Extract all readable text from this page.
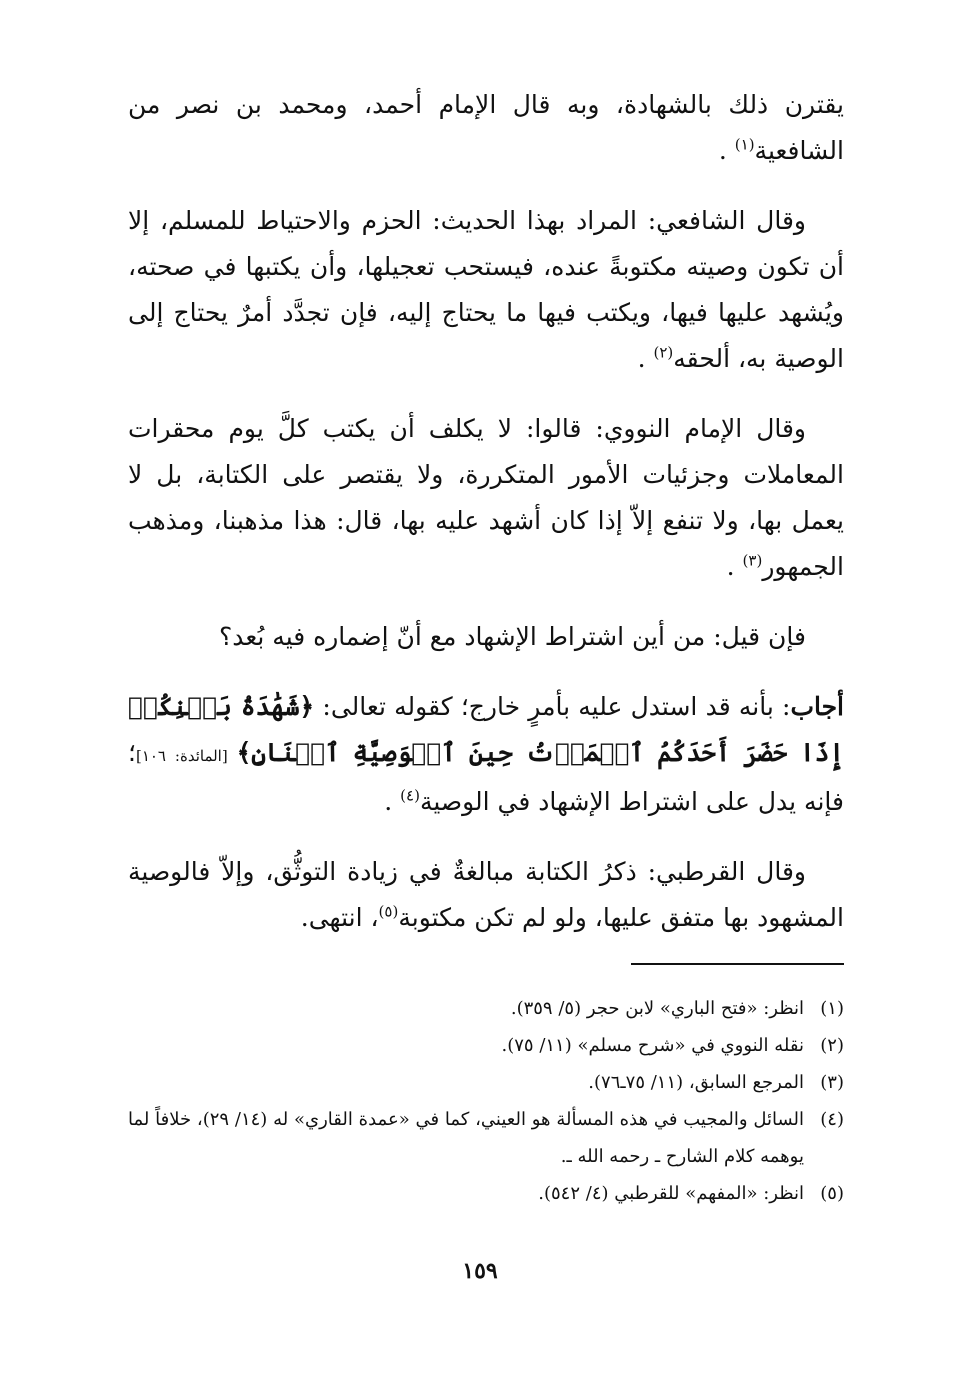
يقترن ذلك بالشهادة، وبه قال الإمام أحمد، ومحمد بن نصر من الشافعية$^{(١)}$ .

وقال الشافعي: المراد بهذا الحديث: الحزم والاحتياط للمسلم، إلا أن تكون وصيته مكتوبةً عنده، فيستحب تعجيلها، وأن يكتبها في صحته، ويُشهد عليها فيها، ويكتب فيها ما يحتاج إليه، فإن تجدَّد أمرٌ يحتاج إلى الوصية به، ألحقه$^{(٢)}$ .

وقال الإمام النووي: قالوا: لا يكلف أن يكتب كلَّ يوم محقرات المعاملات وجزئيات الأمور المتكررة، ولا يقتصر على الكتابة، بل لا يعمل بها، ولا تنفع إلاّ إذا كان أشهد عليه بها، قال: هذا مذهبنا، ومذهب الجمهور$^{(٣)}$ .

فإن قيل: من أين اشتراط الإشهاد مع أنّ إضماره فيه بُعد؟

أجاب: بأنه قد استدل عليه بأمرٍ خارج؛ كقوله تعالى: ﴿شَهَٰدَةُ بَيۡنِكُمۡ إِذَا حَضَرَ أَحَدَكُمُ ٱلۡمَوۡتُ حِينَ ٱلۡوَصِيَّةِ ٱثۡنَانِ﴾ [المائدة: ١٠٦]؛ فإنه يدل على اشتراط الإشهاد في الوصية$^{(٤)}$ .

وقال القرطبي: ذكرُ الكتابة مبالغةٌ في زيادة التوثُّق، وإلاّ فالوصية المشهود بها متفق عليها، ولو لم تكن مكتوبة$^{(٥)}$، انتهى.

(١)
انظر: «فتح الباري» لابن حجر (٥/ ٣٥٩).
(٢)
نقله النووي في «شرح مسلم» (١١/ ٧٥).
(٣)
المرجع السابق، (١١/ ٧٥ـ٧٦).
(٤)
السائل والمجيب في هذه المسألة هو العيني، كما في «عمدة القاري» له (١٤/ ٢٩)، خلافاً لما يوهمه كلام الشارح ـ رحمه الله ـ.
(٥)
انظر: «المفهم» للقرطبي (٤/ ٥٤٢).
١٥٩
